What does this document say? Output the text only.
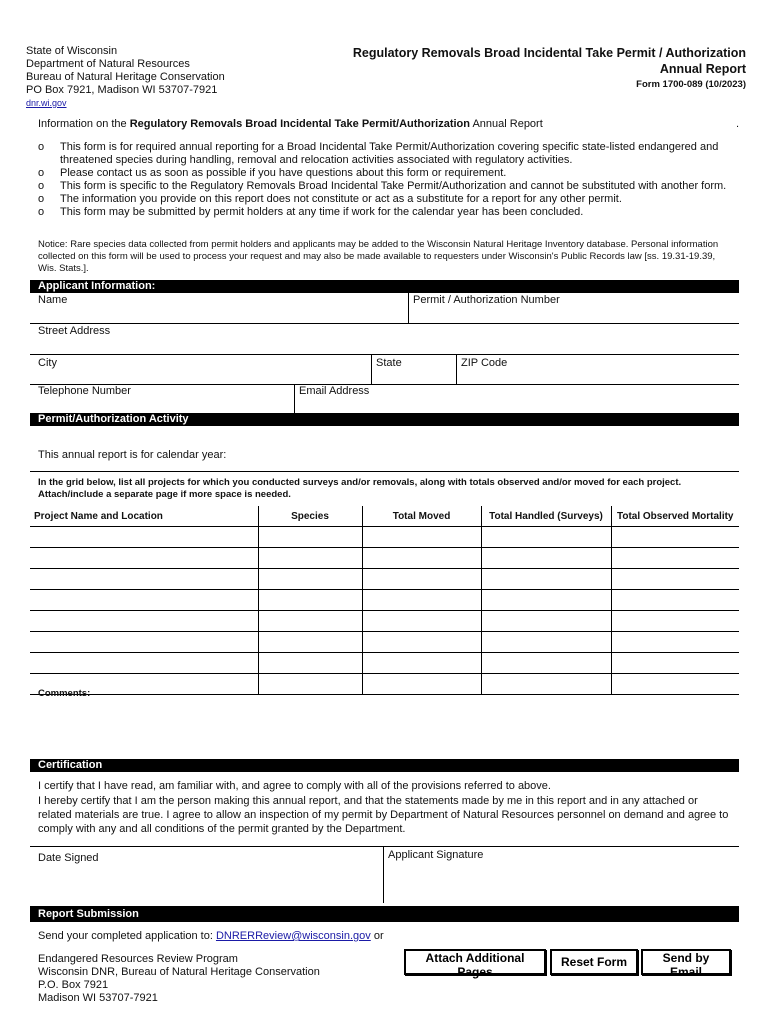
State of Wisconsin
Department of Natural Resources
Bureau of Natural Heritage Conservation
PO Box 7921, Madison WI 53707-7921
dnr.wi.gov
Regulatory Removals Broad Incidental Take Permit / Authorization
Annual Report
Form 1700-089 (10/2023)
Information on the Regulatory Removals Broad Incidental Take Permit/Authorization Annual Report	.
o This form is for required annual reporting for a Broad Incidental Take Permit/Authorization covering specific state-listed endangered and threatened species during handling, removal and relocation activities associated with regulatory activities.
o Please contact us as soon as possible if you have questions about this form or requirement.
o This form is specific to the Regulatory Removals Broad Incidental Take Permit/Authorization and cannot be substituted with another form.
o The information you provide on this report does not constitute or act as a substitute for a report for any other permit.
o This form may be submitted by permit holders at any time if work for the calendar year has been concluded.
Notice: Rare species data collected from permit holders and applicants may be added to the Wisconsin Natural Heritage Inventory database. Personal information collected on this form will be used to process your request and may also be made available to requesters under Wisconsin's Public Records law [ss. 19.31-19.39, Wis. Stats.].
Applicant Information:
Name	Permit / Authorization Number
Street Address
City	State	ZIP Code
Telephone Number	Email Address
Permit/Authorization Activity
This annual report is for calendar year:
In the grid below, list all projects for which you conducted surveys and/or removals, along with totals observed and/or moved for each project. Attach/include a separate page if more space is needed.
Project Name and Location	Species	Total Moved	Total Handled (Surveys)	Total Observed Mortality

Comments:
Certification
I certify that I have read, am familiar with, and agree to comply with all of the provisions referred to above.
I hereby certify that I am the person making this annual report, and that the statements made by me in this report and in any attached or related materials are true. I agree to allow an inspection of my permit by Department of Natural Resources personnel on demand and agree to comply with any and all conditions of the permit granted by the Department.
Date Signed	Applicant Signature
Report Submission
Send your completed application to: DNRERReview@wisconsin.gov or
Endangered Resources Review Program
Wisconsin DNR, Bureau of Natural Heritage Conservation
P.O. Box 7921
Madison WI 53707-7921
Attach Additional Pages
Reset Form	Send by Email
